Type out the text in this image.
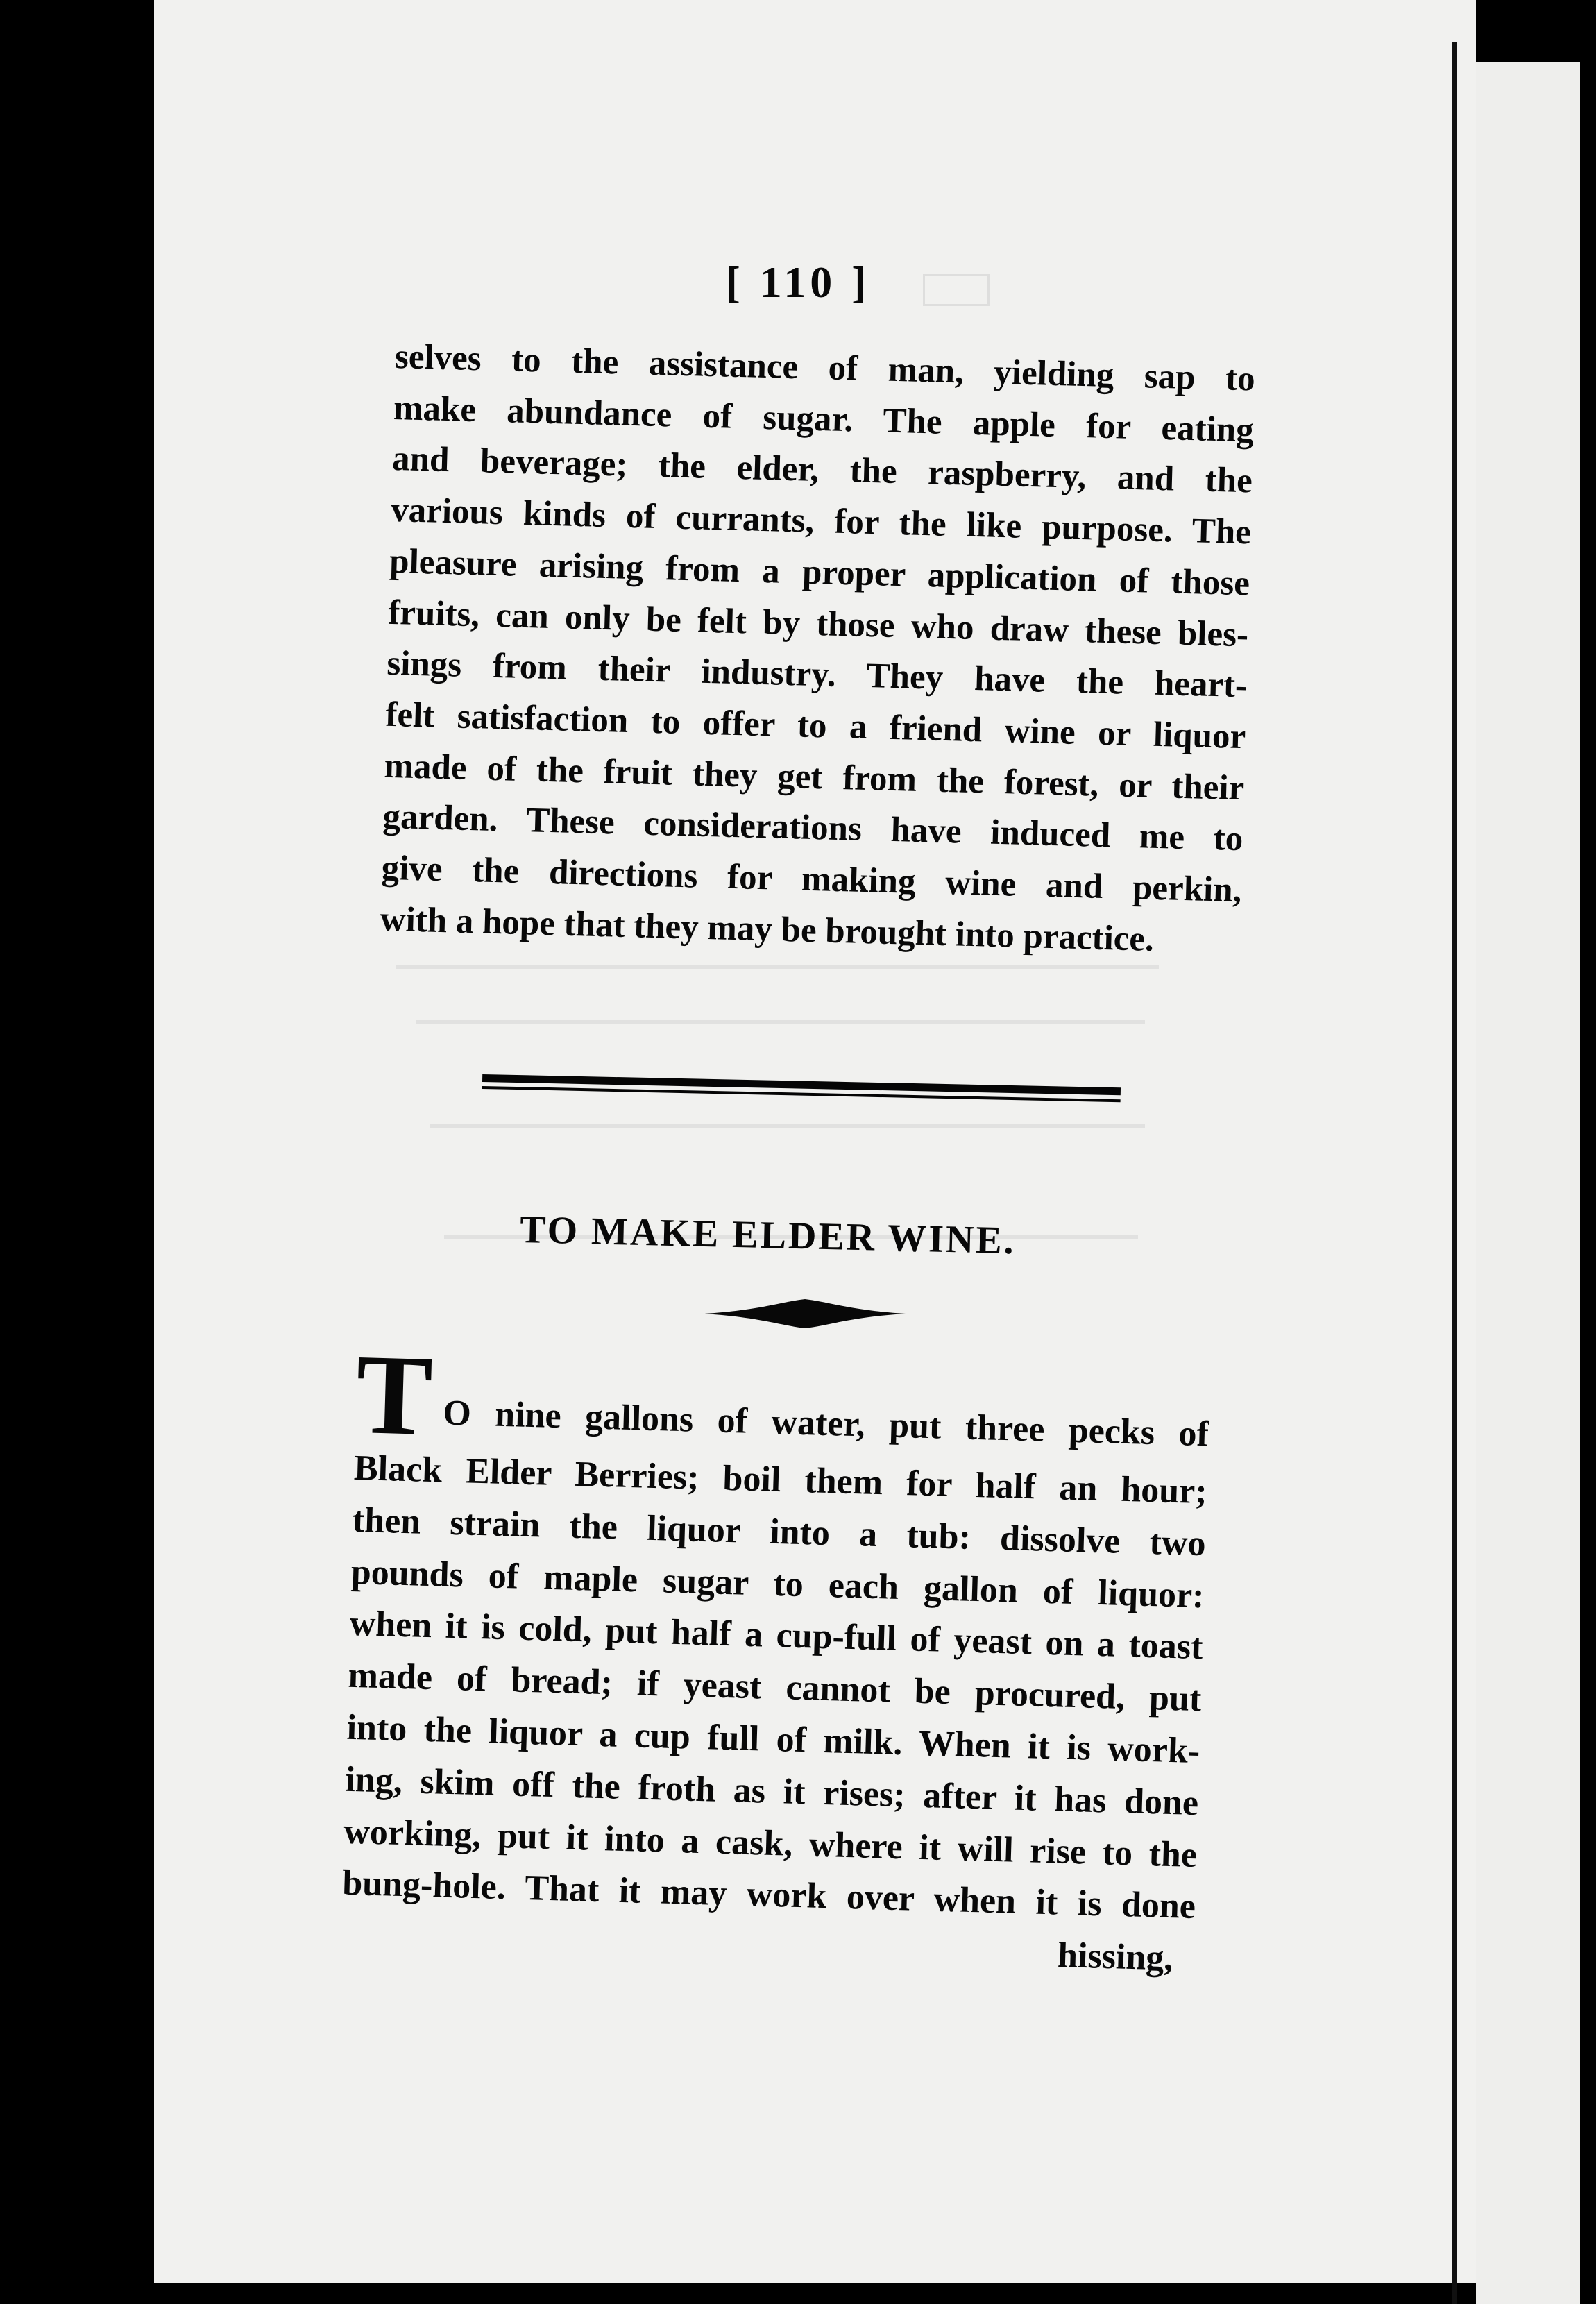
[ 110 ]
selves to the assistance of man, yielding sap to
make abundance of sugar. The apple for eating
and beverage; the elder, the raspberry, and the
various kinds of currants, for the like purpose. The
pleasure arising from a proper application of those
fruits, can only be felt by those who draw these bles-
sings from their industry. They have the heart-
felt satisfaction to offer to a friend wine or liquor
made of the fruit they get from the forest, or their
garden. These considerations have induced me to
give the directions for making wine and perkin,
with a hope that they may be brought into practice.
TO MAKE ELDER WINE.
T O nine gallons of water, put three pecks of
Black Elder Berries; boil them for half an hour;
then strain the liquor into a tub: dissolve two
pounds of maple sugar to each gallon of liquor:
when it is cold, put half a cup-full of yeast on a toast
made of bread; if yeast cannot be procured, put
into the liquor a cup full of milk. When it is work-
ing, skim off the froth as it rises; after it has done
working, put it into a cask, where it will rise to the
bung-hole. That it may work over when it is done
hissing,
